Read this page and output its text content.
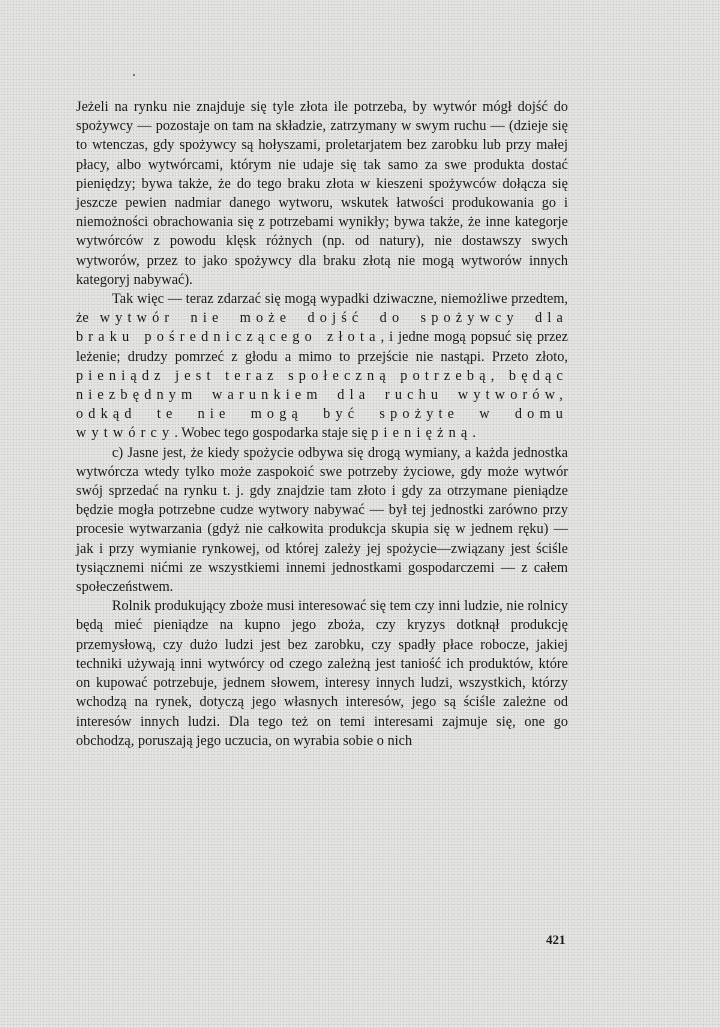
Jeżeli na rynku nie znajduje się tyle złota ile potrzeba, by wytwór mógł dojść do spożywcy — pozostaje on tam na składzie, zatrzymany w swym ruchu — (dzieje się to wtenczas, gdy spożywcy są hołyszami, proletarjatem bez zarobku lub przy małej płacy, albo wytwórcami, którym nie udaje się tak samo za swe produkta dostać pieniędzy; bywa także, że do tego braku złota w kieszeni spożywców dołącza się jeszcze pewien nadmiar danego wytworu, wskutek łatwości produkowania go i niemożności obrachowania się z potrzebami wynikły; bywa także, że inne kategorje wytwórców z powodu klęsk różnych (np. od natury), nie dostawszy swych wytworów, przez to jako spożywcy dla braku złotą nie mogą wytworów innych kategoryj nabywać).

Tak więc — teraz zdarzać się mogą wypadki dziwaczne, niemożliwe przedtem, że wytwór nie może dojść do spożywcy dla braku pośredniczącego złota, i jedne mogą popsuć się przez leżenie; drudzy pomrzeć z głodu a mimo to przejście nie nastąpi. Przeto złoto, pieniądz jest teraz społeczną potrzebą, będąc niezbędnym warunkiem dla ruchu wytworów, odkąd te nie mogą być spożyte w domu wytwórcy. Wobec tego gospodarka staje się pieniężną.

c) Jasne jest, że kiedy spożycie odbywa się drogą wymiany, a każda jednostka wytwórcza wtedy tylko może zaspokoić swe potrzeby życiowe, gdy może wytwór swój sprzedać na rynku t. j. gdy znajdzie tam złoto i gdy za otrzymane pieniądze będzie mogła potrzebne cudze wytwory nabywać — był tej jednostki zarówno przy procesie wytwarzania (gdyż nie całkowita produkcja skupia się w jednem ręku) — jak i przy wymianie rynkowej, od której zależy jej spożycie—związany jest ściśle tysiącznemi nićmi ze wszystkiemi innemi jednostkami gospodarczemi — z całem społeczeństwem.

Rolnik produkujący zboże musi interesować się tem czy inni ludzie, nie rolnicy będą mieć pieniądze na kupno jego zboża, czy kryzys dotknął produkcję przemysłową, czy dużo ludzi jest bez zarobku, czy spadły płace robocze, jakiej techniki używają inni wytwórcy od czego zależną jest taniość ich produktów, które on kupować potrzebuje, jednem słowem, interesy innych ludzi, wszystkich, którzy wchodzą na rynek, dotyczą jego własnych interesów, jego są ściśle zależne od interesów innych ludzi. Dla tego też on temi interesami zajmuje się, one go obchodzą, poruszają jego uczucia, on wyrabia sobie o nich

421
